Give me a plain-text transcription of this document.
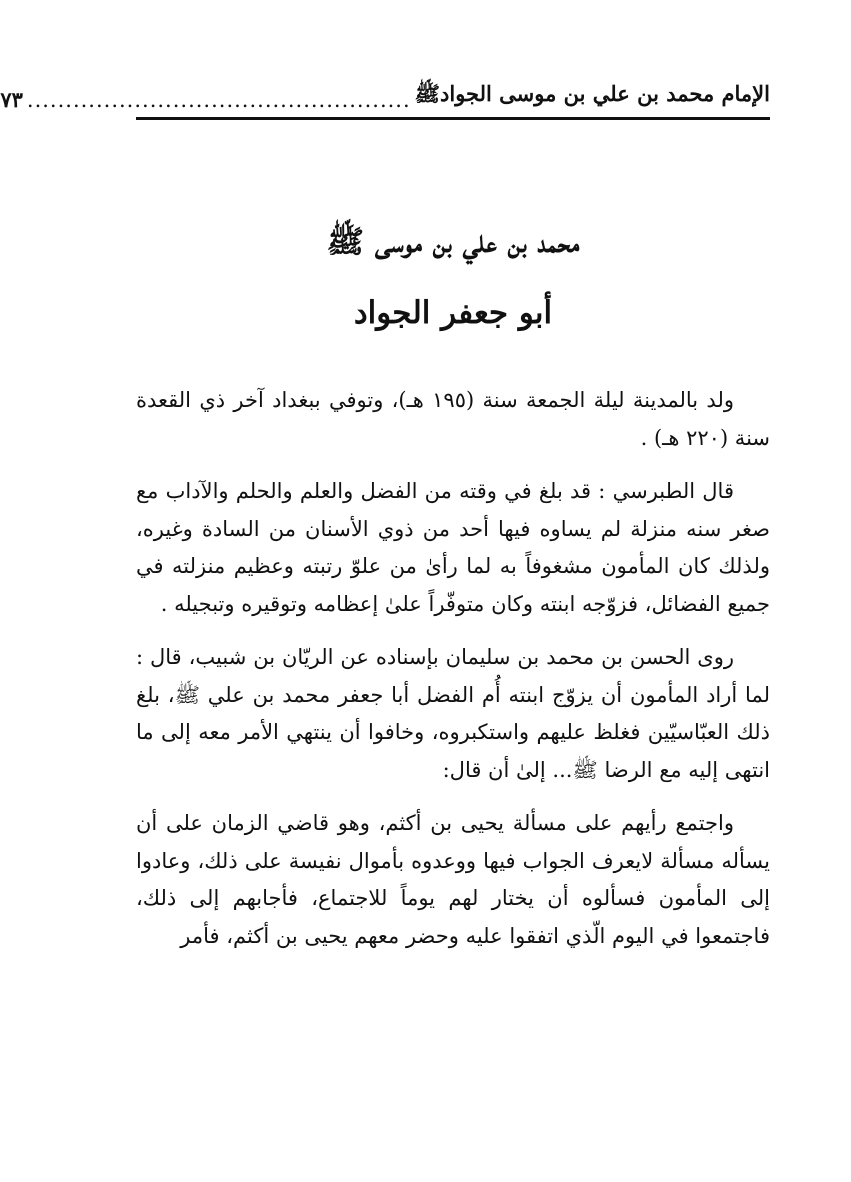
الإمام محمد بن علي بن موسى الجوادﷺ
..................................................
٧٣
محمد بن علي بن موسى ﷺ
أبو جعفر الجواد

ولد بالمدينة ليلة الجمعة سنة (١٩٥ هـ)، وتوفي ببغداد آخر ذي القعدة سنة (٢٢٠ هـ) .

قال الطبرسي : قد بلغ في وقته من الفضل والعلم والحلم والآداب مع صغر سنه منزلة لم يساوه فيها أحد من ذوي الأسنان من السادة وغيره، ولذلك كان المأمون مشغوفاً به لما رأىٰ من علوّ رتبته وعظيم منزلته في جميع الفضائل، فزوّجه ابنته وكان متوفّراً علىٰ إعظامه وتوقيره وتبجيله .

روى الحسن بن محمد بن سليمان بإسناده عن الريّان بن شبيب، قال : لما أراد المأمون أن يزوّج ابنته أُم الفضل أبا جعفر محمد بن علي ﷺ، بلغ ذلك العبّاسيّين فغلظ عليهم واستكبروه، وخافوا أن ينتهي الأمر معه إلى ما انتهى إليه مع الرضا ﷺ... إلىٰ أن قال:

واجتمع رأيهم على مسألة يحيى بن أكثم، وهو قاضي الزمان على أن يسأله مسألة لايعرف الجواب فيها ووعدوه بأموال نفيسة على ذلك، وعادوا إلى المأمون فسألوه أن يختار لهم يوماً للاجتماع، فأجابهم إلى ذلك، فاجتمعوا في اليوم الّذي اتفقوا عليه وحضر معهم يحيى بن أكثم، فأمر
